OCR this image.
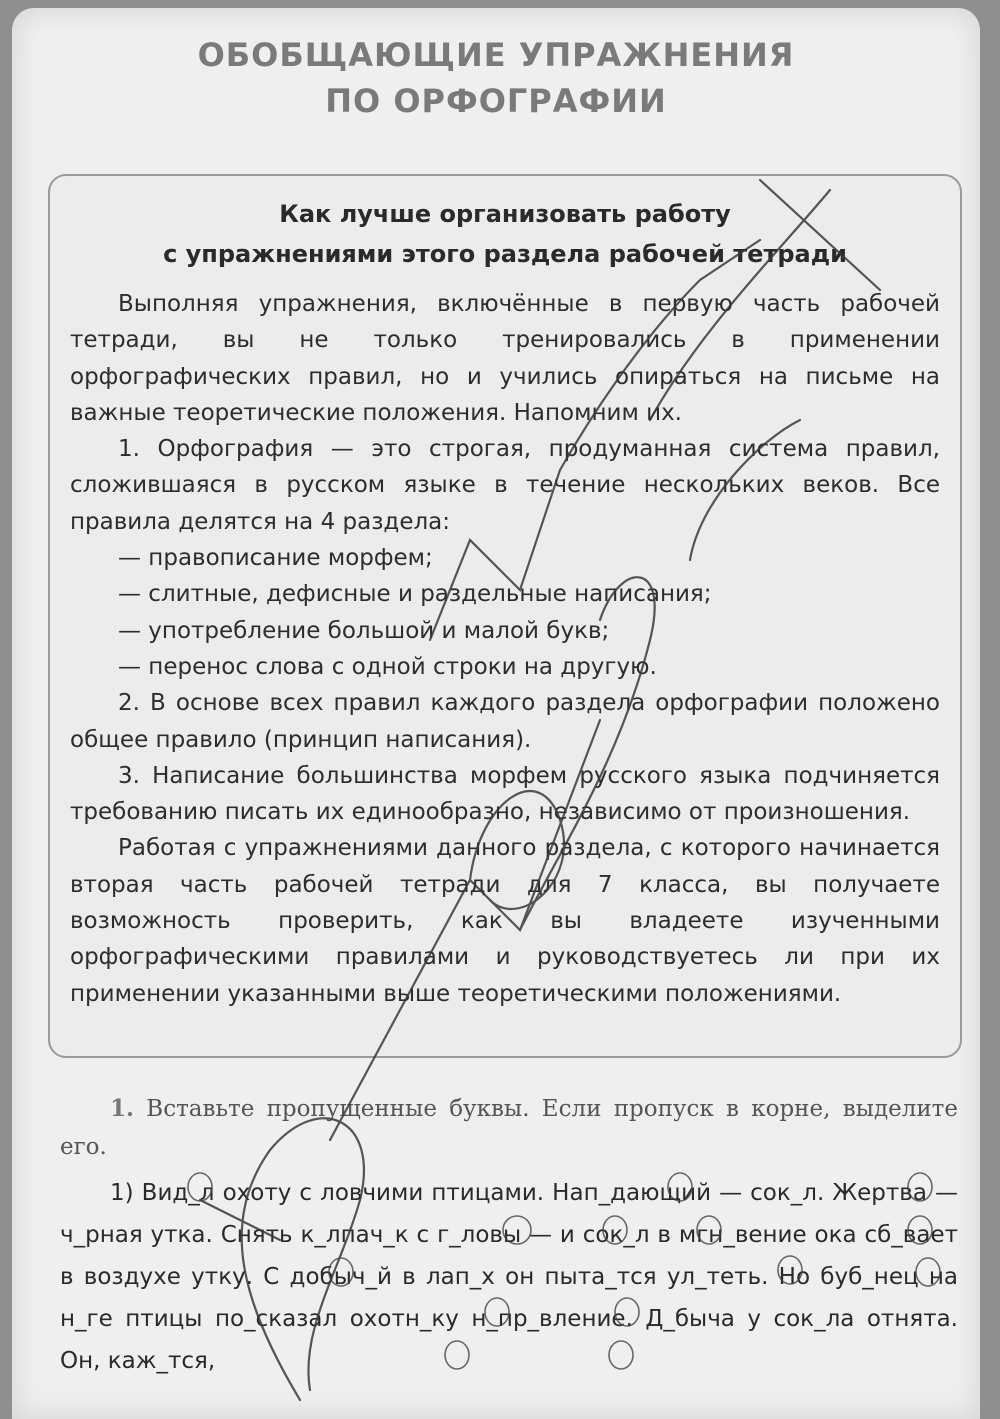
ОБОБЩАЮЩИЕ УПРАЖНЕНИЯ
ПО ОРФОГРАФИИ
Как лучше организовать работу
с упражнениями этого раздела рабочей тетради

Выполняя упражнения, включённые в первую часть рабочей тетради, вы не только тренировались в применении орфографических правил, но и учились опираться на письме на важные теоретические положения. Напомним их.

1. Орфография — это строгая, продуманная система правил, сложившаяся в русском языке в течение нескольких веков. Все правила делятся на 4 раздела:

— правописание морфем;

— слитные, дефисные и раздельные написания;

— употребление большой и малой букв;

— перенос слова с одной строки на другую.

2. В основе всех правил каждого раздела орфографии положено общее правило (принцип написания).

3. Написание большинства морфем русского языка подчиняется требованию писать их единообразно, независимо от произношения.

Работая с упражнениями данного раздела, с которого начинается вторая часть рабочей тетради для 7 класса, вы получаете возможность проверить, как вы владеете изученными орфографическими правилами и руководствуетесь ли при их применении указанными выше теоретическими положениями.

1. Вставьте пропущенные буквы. Если пропуск в корне, выделите его.

1) Вид_л охоту с ловчими птицами. Нап_дающий — сок_л. Жертва — ч_рная утка. Снять к_лпач_к с г_ловы — и сок_л в мгн_вение ока сб_вает в воздухе утку. С добыч_й в лап_х он пыта_тся ул_теть. Но буб_нец на н_ге птицы по_сказал охотн_ку н_пр_вление. Д_быча у сок_ла отнята. Он, каж_тся,
